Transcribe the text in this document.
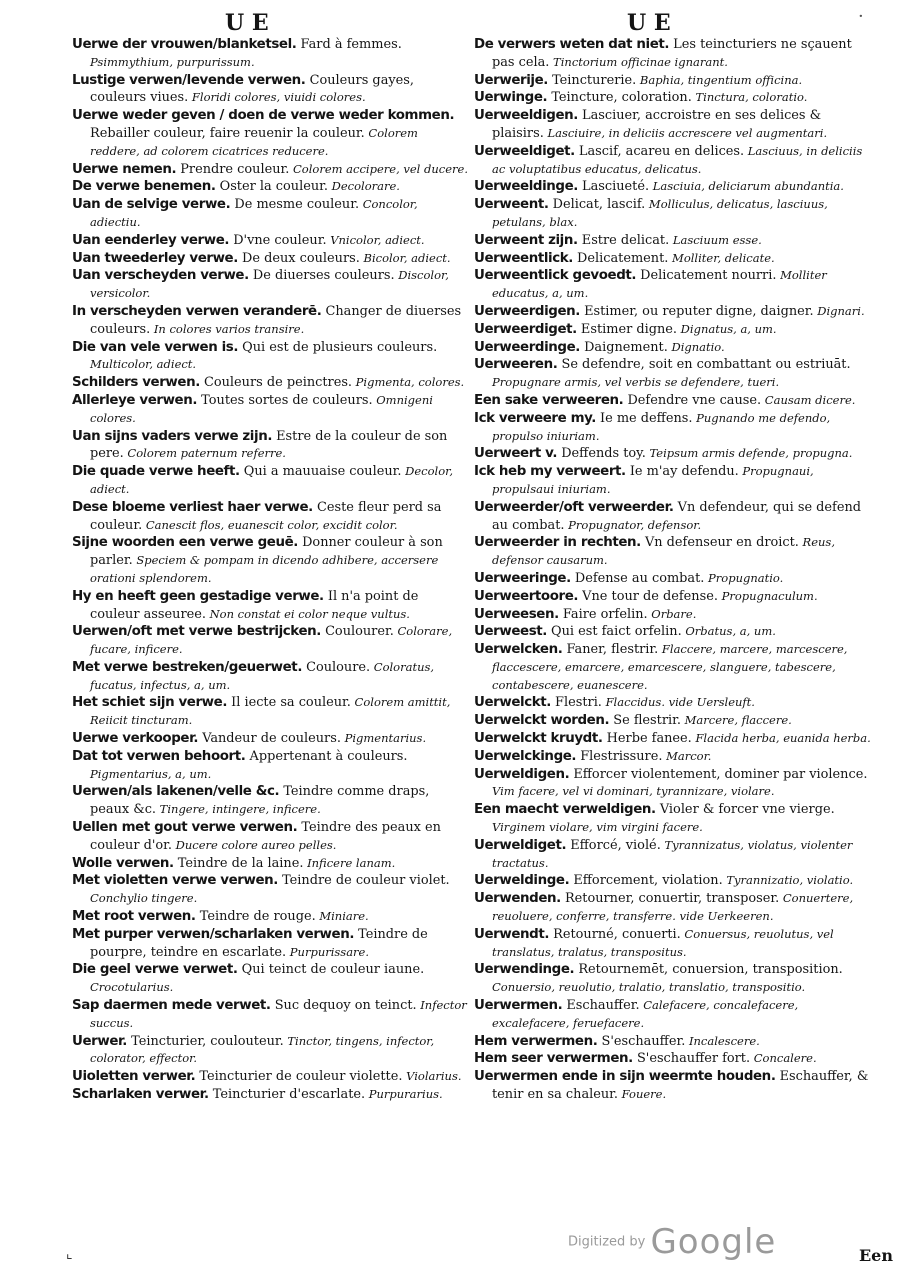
U E	U E	·

Uerwe der vrouwen/blanketsel. Fard à femmes. Psimmythium, purpurissum.

Lustige verwen/levende verwen. Couleurs gayes, couleurs viues. Floridi colores, viuidi colores.

Uerwe weder geven / doen de verwe weder kommen. Rebailler couleur, faire reuenir la couleur. Colorem reddere, ad colorem cicatrices reducere.

Uerwe nemen. Prendre couleur. Colorem accipere, vel ducere.

De verwe benemen. Oster la couleur. Decolorare.

Uan de selvige verwe. De mesme couleur. Concolor, adiectiu.

Uan eenderley verwe. D'vne couleur. Vnicolor, adiect.

Uan tweederley verwe. De deux couleurs. Bicolor, adiect.

Uan verscheyden verwe. De diuerses couleurs. Discolor, versicolor.

In verscheyden verwen veranderē. Changer de diuerses couleurs. In colores varios transire.

Die van vele verwen is. Qui est de plusieurs couleurs. Multicolor, adiect.

Schilders verwen. Couleurs de peinctres. Pigmenta, colores.

Allerleye verwen. Toutes sortes de couleurs. Omnigeni colores.

Uan sijns vaders verwe zijn. Estre de la couleur de son pere. Colorem paternum referre.

Die quade verwe heeft. Qui a mauuaise couleur. Decolor, adiect.

Dese bloeme verliest haer verwe. Ceste fleur perd sa couleur. Canescit flos, euanescit color, excidit color.

Sijne woorden een verwe geuē. Donner couleur à son parler. Speciem & pompam in dicendo adhibere, accersere orationi splendorem.

Hy en heeft geen gestadige verwe. Il n'a point de couleur asseuree. Non constat ei color neque vultus.

Uerwen/oft met verwe bestrijcken. Coulourer. Colorare, fucare, inficere.

Met verwe bestreken/geuerwet. Couloure. Coloratus, fucatus, infectus, a, um.

Het schiet sijn verwe. Il iecte sa couleur. Colorem amittit, Reiicit tincturam.

Uerwe verkooper. Vandeur de couleurs. Pigmentarius.

Dat tot verwen behoort. Appertenant à couleurs. Pigmentarius, a, um.

Uerwen/als lakenen/velle &c. Teindre comme draps, peaux &c. Tingere, intingere, inficere.

Uellen met gout verwe verwen. Teindre des peaux en couleur d'or. Ducere colore aureo pelles.

Wolle verwen. Teindre de la laine. Inficere lanam.

Met violetten verwe verwen. Teindre de couleur violet. Conchylio tingere.

Met root verwen. Teindre de rouge. Miniare.

Met purper verwen/scharlaken verwen. Teindre de pourpre, teindre en escarlate. Purpurissare.

Die geel verwe verwet. Qui teinct de couleur iaune. Crocotularius.

Sap daermen mede verwet. Suc dequoy on teinct. Infector succus.

Uerwer. Teincturier, coulouteur. Tinctor, tingens, infector, colorator, effector.

Uioletten verwer. Teincturier de couleur violette. Violarius.

Scharlaken verwer. Teincturier d'escarlate. Purpurarius.

De verwers weten dat niet. Les teincturiers ne sçauent pas cela. Tinctorium officinae ignarant.

Uerwerije. Teincturerie. Baphia, tingentium officina.

Uerwinge. Teincture, coloration. Tinctura, coloratio.

Uerweeldigen. Lasciuer, accroistre en ses delices & plaisirs. Lasciuire, in deliciis accrescere vel augmentari.

Uerweeldiget. Lascif, acareu en delices. Lasciuus, in deliciis ac voluptatibus educatus, delicatus.

Uerweeldinge. Lasciueté. Lasciuia, deliciarum abundantia.

Uerweent. Delicat, lascif. Molliculus, delicatus, lasciuus, petulans, blax.

Uerweent zijn. Estre delicat. Lasciuum esse.

Uerweentlick. Delicatement. Molliter, delicate.

Uerweentlick gevoedt. Delicatement nourri. Molliter educatus, a, um.

Uerweerdigen. Estimer, ou reputer digne, daigner. Dignari.

Uerweerdiget. Estimer digne. Dignatus, a, um.

Uerweerdinge. Daignement. Dignatio.

Uerweeren. Se defendre, soit en combattant ou estriuāt. Propugnare armis, vel verbis se defendere, tueri.

Een sake verweeren. Defendre vne cause. Causam dicere.

Ick verweere my. Ie me deffens. Pugnando me defendo, propulso iniuriam.

Uerweert v. Deffends toy. Teipsum armis defende, propugna.

Ick heb my verweert. Ie m'ay defendu. Propugnaui, propulsaui iniuriam.

Uerweerder/oft verweerder. Vn defendeur, qui se defend au combat. Propugnator, defensor.

Uerweerder in rechten. Vn defenseur en droict. Reus, defensor causarum.

Uerweeringe. Defense au combat. Propugnatio.

Uerweertoore. Vne tour de defense. Propugnaculum.

Uerweesen. Faire orfelin. Orbare.

Uerweest. Qui est faict orfelin. Orbatus, a, um.

Uerwelcken. Faner, flestrir. Flaccere, marcere, marcescere, flaccescere, emarcere, emarcescere, slanguere, tabescere, contabescere, euanescere.

Uerwelckt. Flestri. Flaccidus. vide Uersleuft.

Uerwelckt worden. Se flestrir. Marcere, flaccere.

Uerwelckt kruydt. Herbe fanee. Flacida herba, euanida herba.

Uerwelckinge. Flestrissure. Marcor.

Uerweldigen. Efforcer violentement, dominer par violence. Vim facere, vel vi dominari, tyrannizare, violare.

Een maecht verweldigen. Violer & forcer vne vierge. Virginem violare, vim virgini facere.

Uerweldiget. Efforcé, violé. Tyrannizatus, violatus, violenter tractatus.

Uerweldinge. Efforcement, violation. Tyrannizatio, violatio.

Uerwenden. Retourner, conuertir, transposer. Conuertere, reuoluere, conferre, transferre. vide Uerkeeren.

Uerwendt. Retourné, conuerti. Conuersus, reuolutus, vel translatus, tralatus, transpositus.

Uerwendinge. Retournemēt, conuersion, transposition. Conuersio, reuolutio, tralatio, translatio, transpositio.

Uerwermen. Eschauffer. Calefacere, concalefacere, excalefacere, feruefacere.

Hem verwermen. S'eschauffer. Incalescere.

Hem seer verwermen. S'eschauffer fort. Concalere.

Uerwermen ende in sijn weermte houden. Eschauffer, & tenir en sa chaleur. Fouere.

⌞
Digitized by Google	Een
